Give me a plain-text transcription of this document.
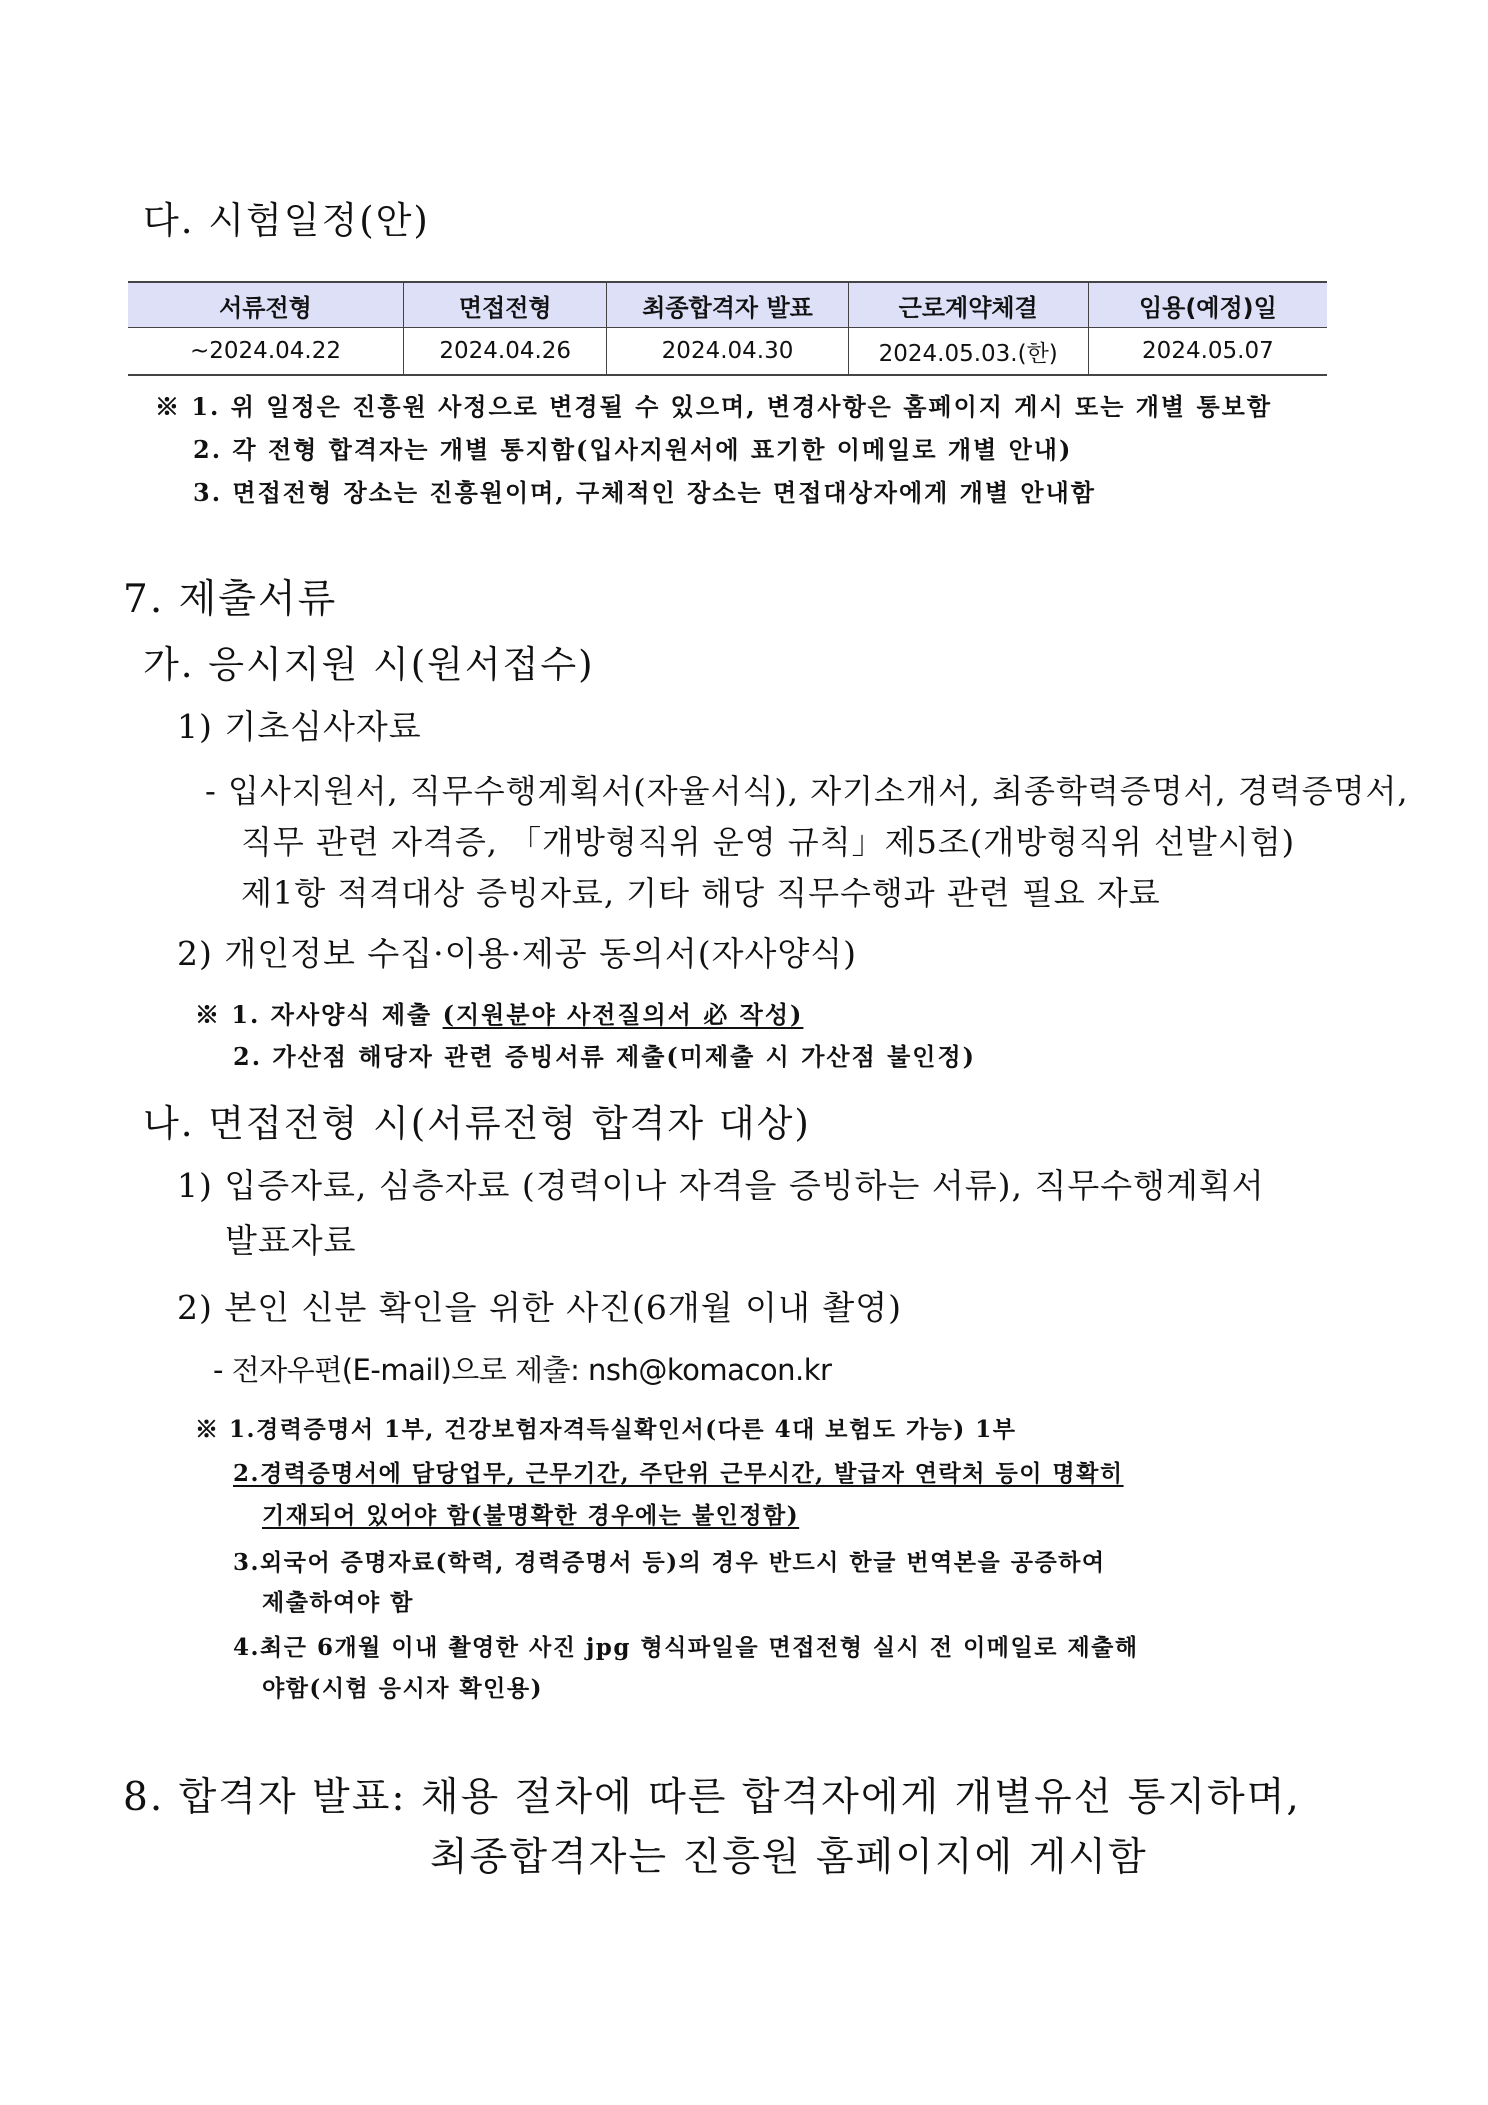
다. 시험일정(안)
서류전형	면접전형	최종합격자 발표	근로계약체결	임용(예정)일
~2024.04.22	2024.04.26	2024.04.30	2024.05.03.(한)	2024.05.07
※ 1. 위 일정은 진흥원 사정으로 변경될 수 있으며, 변경사항은 홈페이지 게시 또는 개별 통보함
2. 각 전형 합격자는 개별 통지함(입사지원서에 표기한 이메일로 개별 안내)
3. 면접전형 장소는 진흥원이며, 구체적인 장소는 면접대상자에게 개별 안내함
7. 제출서류
가. 응시지원 시(원서접수)
1) 기초심사자료
- 입사지원서, 직무수행계획서(자율서식), 자기소개서, 최종학력증명서, 경력증명서,
직무 관련 자격증, 「개방형직위 운영 규칙」제5조(개방형직위 선발시험)
제1항 적격대상 증빙자료, 기타 해당 직무수행과 관련 필요 자료
2) 개인정보 수집·이용·제공 동의서(자사양식)
※ 1. 자사양식 제출 (지원분야 사전질의서 必 작성)
2. 가산점 해당자 관련 증빙서류 제출(미제출 시 가산점 불인정)
나. 면접전형 시(서류전형 합격자 대상)
1) 입증자료, 심층자료 (경력이나 자격을 증빙하는 서류), 직무수행계획서
발표자료
2) 본인 신분 확인을 위한 사진(6개월 이내 촬영)
- 전자우편(E-mail)으로 제출: nsh@komacon.kr
※ 1.경력증명서 1부, 건강보험자격득실확인서(다른 4대 보험도 가능) 1부
2.경력증명서에 담당업무, 근무기간, 주단위 근무시간, 발급자 연락처 등이 명확히
기재되어 있어야 함(불명확한 경우에는 불인정함)
3.외국어 증명자료(학력, 경력증명서 등)의 경우 반드시 한글 번역본을 공증하여
제출하여야 함
4.최근 6개월 이내 촬영한 사진 jpg 형식파일을 면접전형 실시 전 이메일로 제출해
야함(시험 응시자 확인용)
8. 합격자 발표: 채용 절차에 따른 합격자에게 개별유선 통지하며,
최종합격자는 진흥원 홈페이지에 게시함
